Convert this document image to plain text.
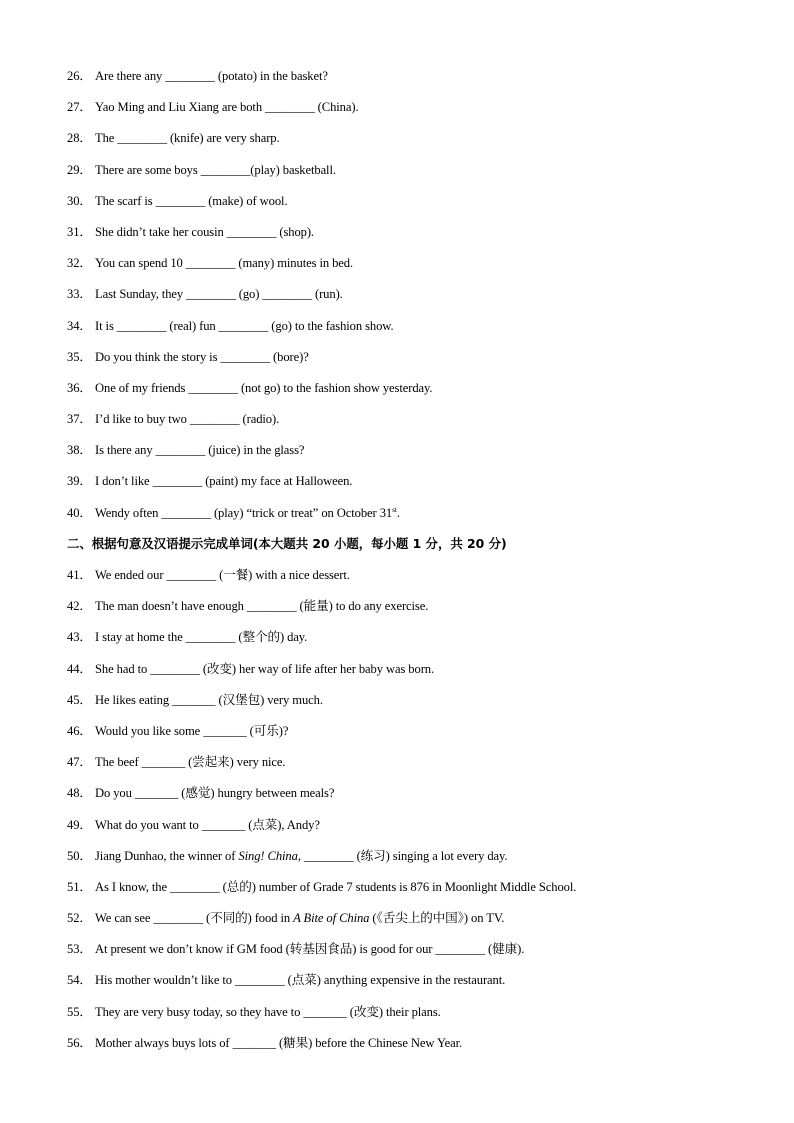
26． Are there any ________ (potato) in the basket?
27． Yao Ming and Liu Xiang are both ________ (China).
28． The ________ (knife) are very sharp.
29． There are some boys ________(play) basketball.
30． The scarf is ________ (make) of wool.
31． She didn’t take her cousin ________ (shop).
32． You can spend 10 ________ (many) minutes in bed.
33． Last Sunday, they ________ (go) ________ (run).
34． It is ________ (real) fun ________ (go) to the fashion show.
35． Do you think the story is ________ (bore)?
36． One of my friends ________ (not go) to the fashion show yesterday.
37． I’d like to buy two ________ (radio).
38． Is there any ________ (juice) in the glass?
39． I don’t like ________ (paint) my face at Halloween.
40． Wendy often ________ (play) “trick or treat” on October 31st.
二、根据句意及汉语提示完成单词(本大题共 20 小题，每小题 1 分，共 20 分)
41． We ended our ________ (一餐) with a nice dessert.
42． The man doesn’t have enough ________ (能量) to do any exercise.
43． I stay at home the ________ (整个的) day.
44． She had to ________ (改变) her way of life after her baby was born.
45． He likes eating _______ (汉堡包) very much.
46． Would you like some _______ (可乐)?
47． The beef _______ (尝起来) very nice.
48． Do you _______ (感觉) hungry between meals?
49． What do you want to _______ (点菜), Andy?
50． Jiang Dunhao, the winner of Sing! China, ________ (练习) singing a lot every day.
51． As I know, the ________ (总的) number of Grade 7 students is 876 in Moonlight Middle School.
52． We can see ________ (不同的) food in A Bite of China (《舌尖上的中国》) on TV.
53． At present we don’t know if GM food (转基因食品) is good for our ________ (健康).
54． His mother wouldn’t like to ________ (点菜) anything expensive in the restaurant.
55． They are very busy today, so they have to _______ (改变) their plans.
56． Mother always buys lots of _______ (糖果) before the Chinese New Year.
